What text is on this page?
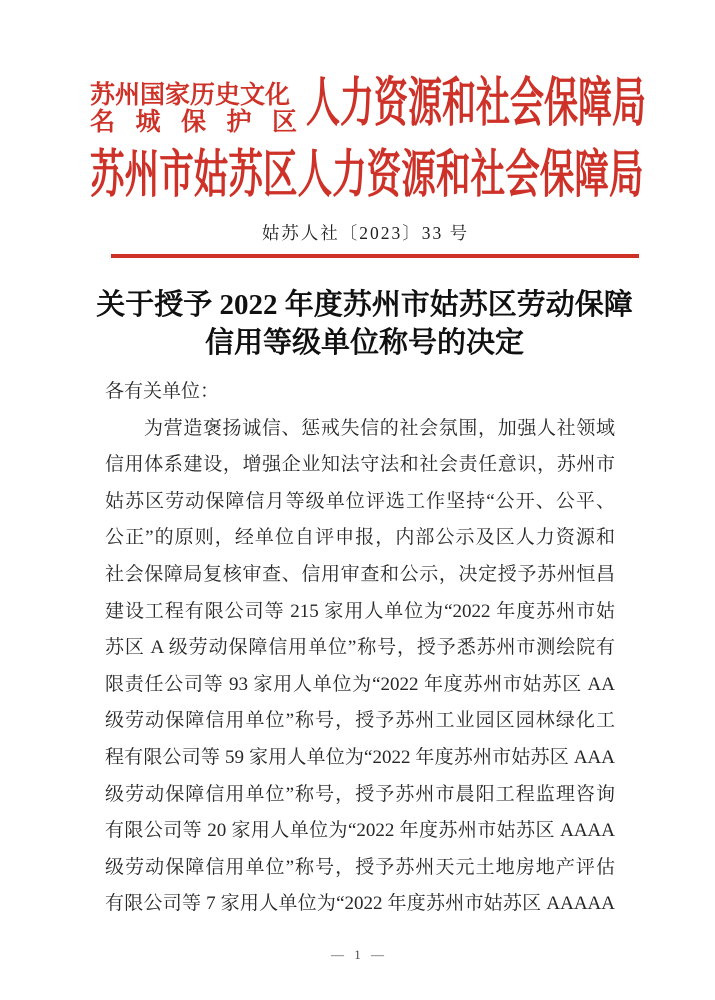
苏州国家历史文化
名城保护区 人力资源和社会保障局
苏州市姑苏区人力资源和社会保障局
姑苏人社〔2023〕33 号
关于授予 2022 年度苏州市姑苏区劳动保障
信用等级单位称号的决定
各有关单位：
为营造褒扬诚信、惩戒失信的社会氛围，加强人社领域
信用体系建设，增强企业知法守法和社会责任意识，苏州市
姑苏区劳动保障信月等级单位评选工作坚持“公开、公平、
公正”的原则，经单位自评申报，内部公示及区人力资源和
社会保障局复核审查、信用审查和公示，决定授予苏州恒昌
建设工程有限公司等 215 家用人单位为“2022 年度苏州市姑
苏区 A 级劳动保障信用单位”称号，授予悉苏州市测绘院有
限责任公司等 93 家用人单位为“2022 年度苏州市姑苏区 AA
级劳动保障信用单位”称号，授予苏州工业园区园林绿化工
程有限公司等 59 家用人单位为“2022 年度苏州市姑苏区 AAA
级劳动保障信用单位”称号，授予苏州市晨阳工程监理咨询
有限公司等 20 家用人单位为“2022 年度苏州市姑苏区 AAAA
级劳动保障信用单位”称号，授予苏州天元土地房地产评估
有限公司等 7 家用人单位为“2022 年度苏州市姑苏区 AAAAA
— 1 —
